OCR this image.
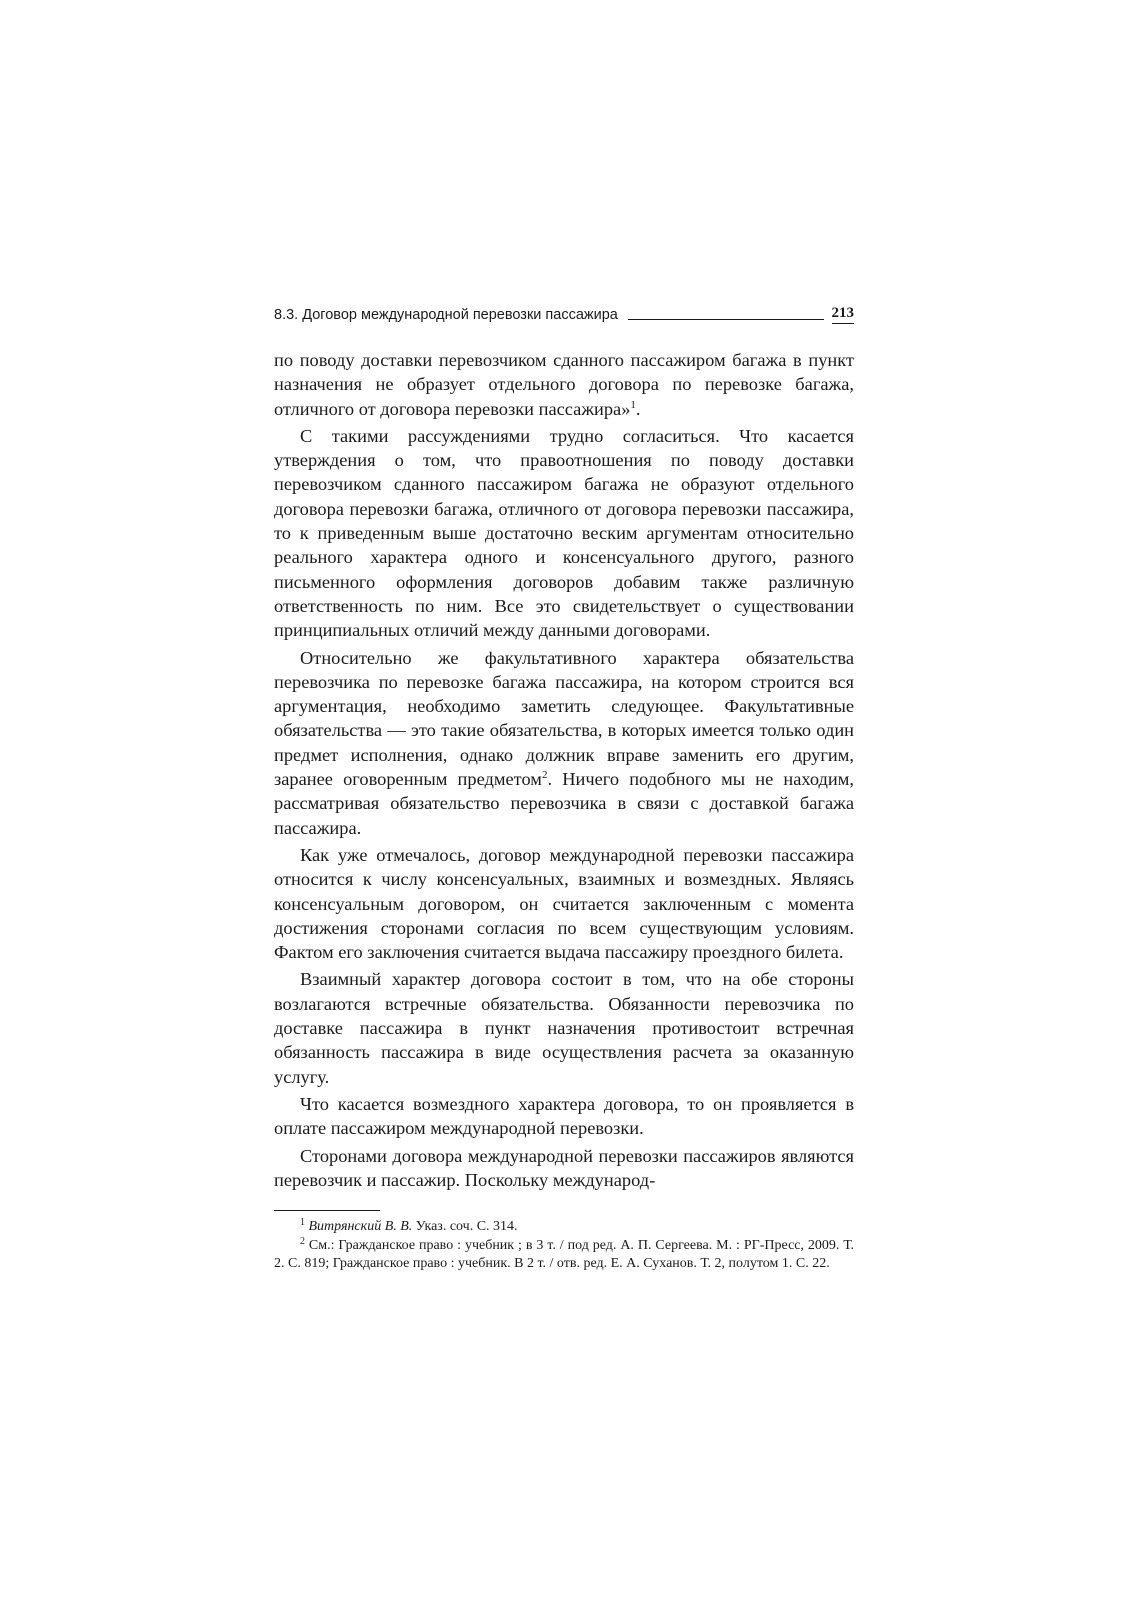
8.3. Договор международной перевозки пассажира	213

по поводу доставки перевозчиком сданного пассажиром багажа в пункт назначения не образует отдельного договора по перевозке багажа, отличного от договора перевозки пассажира»$^1$.

С такими рассуждениями трудно согласиться. Что касается утверждения о том, что правоотношения по поводу доставки перевозчиком сданного пассажиром багажа не образуют отдельного договора перевозки багажа, отличного от договора перевозки пассажира, то к приведенным выше достаточно веским аргументам относительно реального характера одного и консенсуального другого, разного письменного оформления договоров добавим также различную ответственность по ним. Все это свидетельствует о существовании принципиальных отличий между данными договорами.

Относительно же факультативного характера обязательства перевозчика по перевозке багажа пассажира, на котором строится вся аргументация, необходимо заметить следующее. Факультативные обязательства — это такие обязательства, в которых имеется только один предмет исполнения, однако должник вправе заменить его другим, заранее оговоренным предметом$^2$. Ничего подобного мы не находим, рассматривая обязательство перевозчика в связи с доставкой багажа пассажира.

Как уже отмечалось, договор международной перевозки пассажира относится к числу консенсуальных, взаимных и возмездных. Являясь консенсуальным договором, он считается заключенным с момента достижения сторонами согласия по всем существующим условиям. Фактом его заключения считается выдача пассажиру проездного билета.

Взаимный характер договора состоит в том, что на обе стороны возлагаются встречные обязательства. Обязанности перевозчика по доставке пассажира в пункт назначения противостоит встречная обязанность пассажира в виде осуществления расчета за оказанную услугу.

Что касается возмездного характера договора, то он проявляется в оплате пассажиром международной перевозки.

Сторонами договора международной перевозки пассажиров являются перевозчик и пассажир. Поскольку международ-

$^1$ Витрянский В. В. Указ. соч. С. 314.

$^2$ См.: Гражданское право : учебник ; в 3 т. / под ред. А. П. Сергеева. М. : РГ-Пресс, 2009. Т. 2. С. 819; Гражданское право : учебник. В 2 т. / отв. ред. Е. А. Суханов. Т. 2, полутом 1. С. 22.
